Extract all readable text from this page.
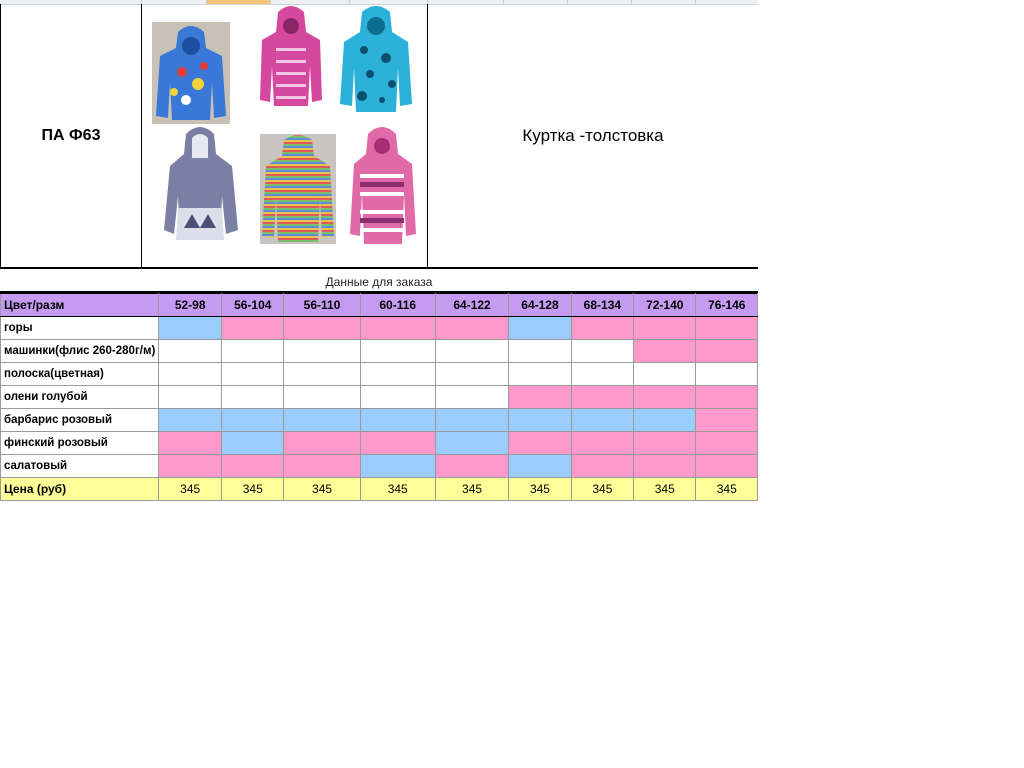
ПА Ф63	Куртка -толстовка
Данные для заказа
Цвет/разм	52-98	56-104	56-110	60-116	64-122	64-128	68-134	72-140	76-146
горы									
машинки(флис 260-280г/м)									
полоска(цветная)									
олени голубой									
барбарис розовый									
финский розовый									
салатовый									
Цена (руб)	345	345	345	345	345	345	345	345	345
